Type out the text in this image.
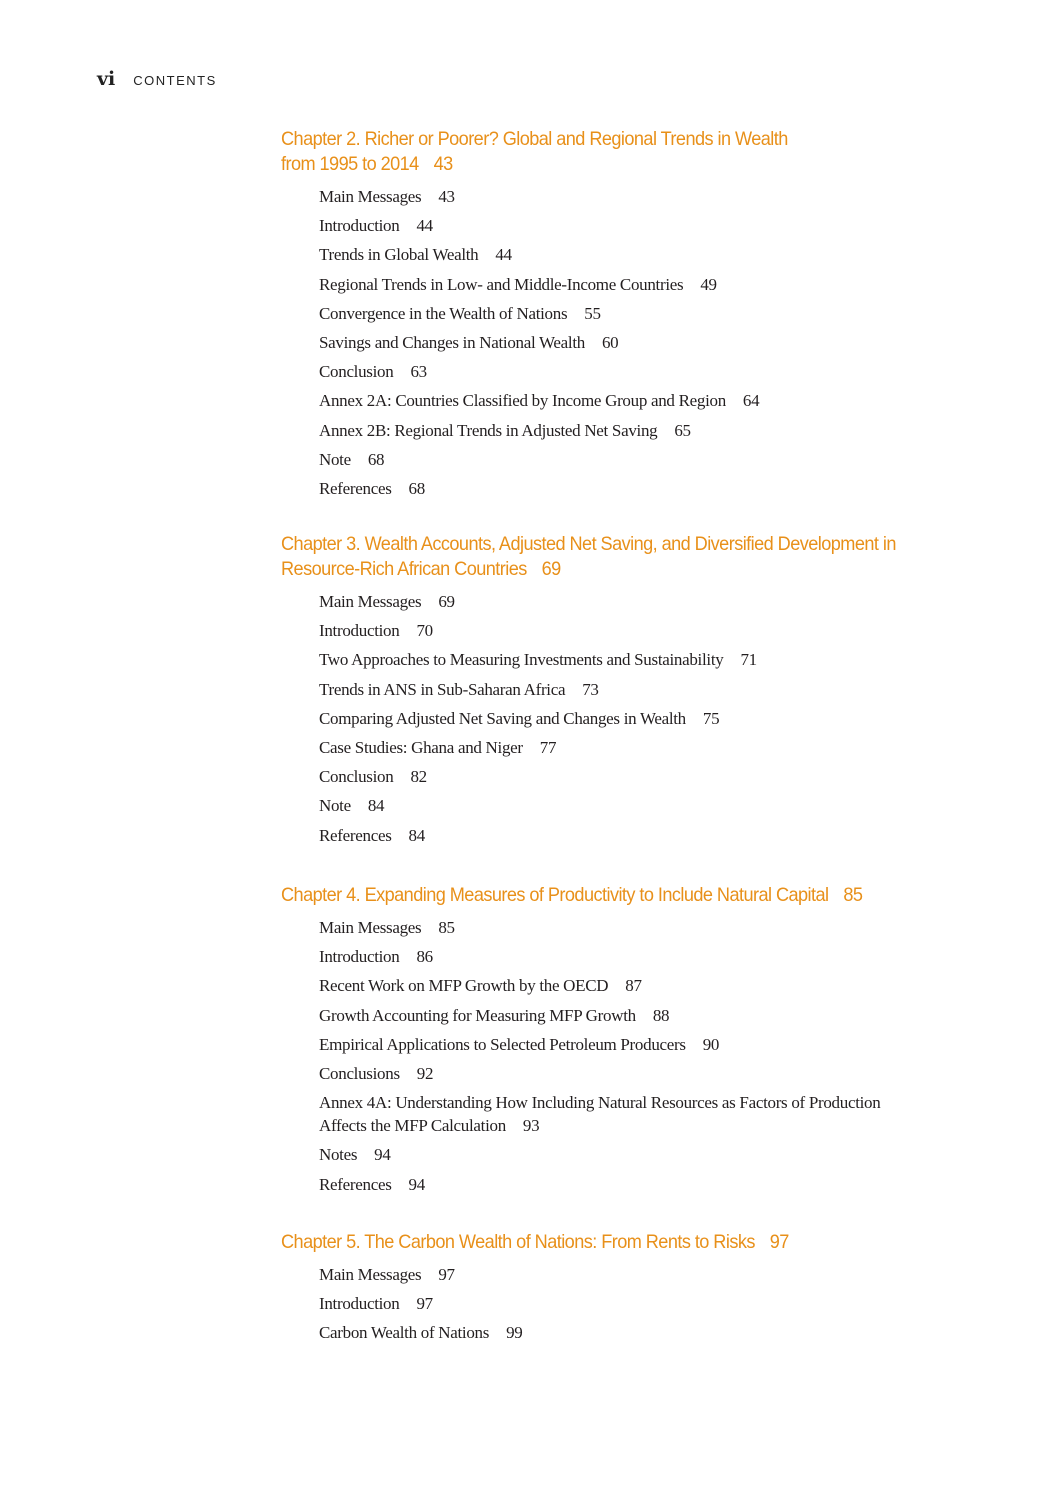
vi CONTENTS
Chapter 2. Richer or Poorer? Global and Regional Trends in Wealth
from 1995 to 2014 43
Main Messages 43
Introduction 44
Trends in Global Wealth 44
Regional Trends in Low- and Middle-Income Countries 49
Convergence in the Wealth of Nations 55
Savings and Changes in National Wealth 60
Conclusion 63
Annex 2A: Countries Classified by Income Group and Region 64
Annex 2B: Regional Trends in Adjusted Net Saving 65
Note 68
References 68
Chapter 3. Wealth Accounts, Adjusted Net Saving, and Diversified Development in
Resource-Rich African Countries 69
Main Messages 69
Introduction 70
Two Approaches to Measuring Investments and Sustainability 71
Trends in ANS in Sub-Saharan Africa 73
Comparing Adjusted Net Saving and Changes in Wealth 75
Case Studies: Ghana and Niger 77
Conclusion 82
Note 84
References 84
Chapter 4. Expanding Measures of Productivity to Include Natural Capital 85
Main Messages 85
Introduction 86
Recent Work on MFP Growth by the OECD 87
Growth Accounting for Measuring MFP Growth 88
Empirical Applications to Selected Petroleum Producers 90
Conclusions 92
Annex 4A: Understanding How Including Natural Resources as Factors of Production
Affects the MFP Calculation 93
Notes 94
References 94
Chapter 5. The Carbon Wealth of Nations: From Rents to Risks 97
Main Messages 97
Introduction 97
Carbon Wealth of Nations 99
